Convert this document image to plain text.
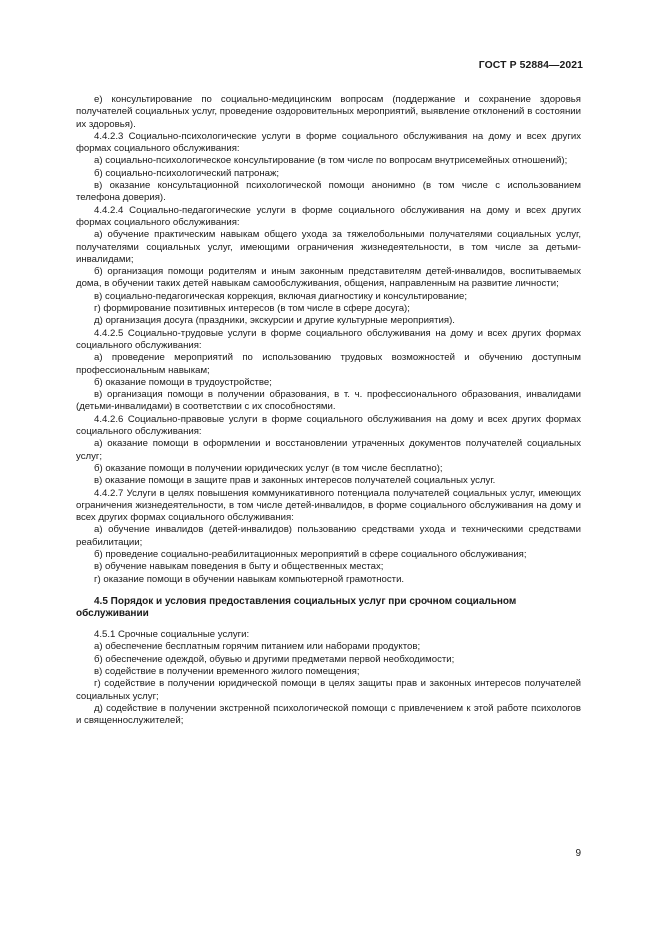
ГОСТ Р 52884—2021

е) консультирование по социально-медицинским вопросам (поддержание и сохранение здоровья получателей социальных услуг, проведение оздоровительных мероприятий, выявление отклонений в состоянии их здоровья).

4.4.2.3 Социально-психологические услуги в форме социального обслуживания на дому и всех других формах социального обслуживания:

а) социально-психологическое консультирование (в том числе по вопросам внутрисемейных отношений);

б) социально-психологический патронаж;

в) оказание консультационной психологической помощи анонимно (в том числе с использованием телефона доверия).

4.4.2.4 Социально-педагогические услуги в форме социального обслуживания на дому и всех других формах социального обслуживания:

а) обучение практическим навыкам общего ухода за тяжелобольными получателями социальных услуг, получателями социальных услуг, имеющими ограничения жизнедеятельности, в том числе за детьми-инвалидами;

б) организация помощи родителям и иным законным представителям детей-инвалидов, воспитываемых дома, в обучении таких детей навыкам самообслуживания, общения, направленным на развитие личности;

в) социально-педагогическая коррекция, включая диагностику и консультирование;

г) формирование позитивных интересов (в том числе в сфере досуга);

д) организация досуга (праздники, экскурсии и другие культурные мероприятия).

4.4.2.5 Социально-трудовые услуги в форме социального обслуживания на дому и всех других формах социального обслуживания:

а) проведение мероприятий по использованию трудовых возможностей и обучению доступным профессиональным навыкам;

б) оказание помощи в трудоустройстве;

в) организация помощи в получении образования, в т. ч. профессионального образования, инвалидами (детьми-инвалидами) в соответствии с их способностями.

4.4.2.6 Социально-правовые услуги в форме социального обслуживания на дому и всех других формах социального обслуживания:

а) оказание помощи в оформлении и восстановлении утраченных документов получателей социальных услуг;

б) оказание помощи в получении юридических услуг (в том числе бесплатно);

в) оказание помощи в защите прав и законных интересов получателей социальных услуг.

4.4.2.7 Услуги в целях повышения коммуникативного потенциала получателей социальных услуг, имеющих ограничения жизнедеятельности, в том числе детей-инвалидов, в форме социального обслуживания на дому и всех других формах социального обслуживания:

а) обучение инвалидов (детей-инвалидов) пользованию средствами ухода и техническими средствами реабилитации;

б) проведение социально-реабилитационных мероприятий в сфере социального обслуживания;

в) обучение навыкам поведения в быту и общественных местах;

г) оказание помощи в обучении навыкам компьютерной грамотности.

4.5 Порядок и условия предоставления социальных услуг при срочном социальном обслуживании

4.5.1 Срочные социальные услуги:

а) обеспечение бесплатным горячим питанием или наборами продуктов;

б) обеспечение одеждой, обувью и другими предметами первой необходимости;

в) содействие в получении временного жилого помещения;

г) содействие в получении юридической помощи в целях защиты прав и законных интересов получателей социальных услуг;

д) содействие в получении экстренной психологической помощи с привлечением к этой работе психологов и священнослужителей;

9
